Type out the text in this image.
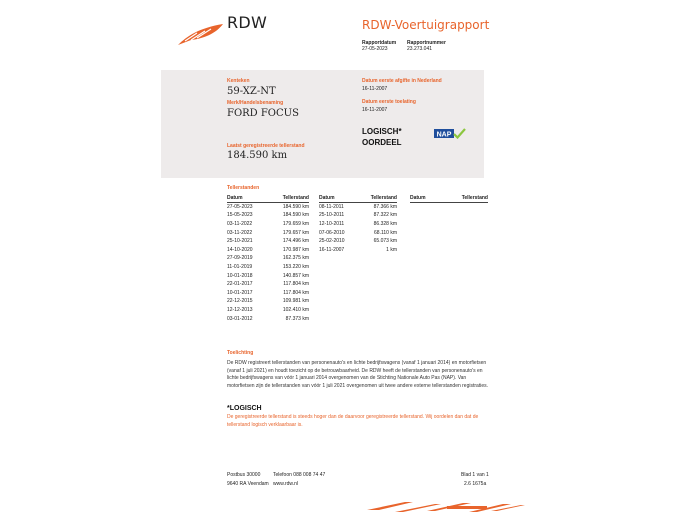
RDW	RDW-Voertuigrapport
Rapportdatum
27-05-2023
Rapportnummer
23.273.041
Kenteken
59-XZ-NT
Merk/Handelsbenaming
FORD FOCUS
Laatst geregistreerde tellerstand
184.590 km
Datum eerste afgifte in Nederland
16-11-2007
Datum eerste toelating
16-11-2007
LOGISCH*
OORDEEL
NAP
Tellerstanden
Datum	Tellerstand
27-05-2023	184.590 km
15-05-2023	184.590 km
03-11-2022	179.659 km
03-11-2022	179.657 km
25-10-2021	174.496 km
14-10-2020	170.987 km
27-09-2019	162.375 km
11-01-2019	153.220 km
10-01-2018	140.857 km
22-01-2017	117.804 km
10-01-2017	117.804 km
22-12-2015	109.981 km
12-12-2013	102.410 km
03-01-2012	87.373 km
Datum	Tellerstand
08-11-2011	87.366 km
25-10-2011	87.322 km
12-10-2011	86.328 km
07-06-2010	68.110 km
25-02-2010	65.073 km
16-11-2007	1 km
Datum	Tellerstand
Toelichting
De RDW registreert tellerstanden van personenauto's en lichte bedrijfswagens (vanaf 1 januari 2014) en motorfietsen (vanaf 1 juli 2021) en houdt toezicht op de betrouwbaarheid. De RDW heeft de tellerstanden van personenauto's en lichte bedrijfswagens van vóór 1 januari 2014 overgenomen van de Stichting Nationale Auto Pas (NAP). Van motorfietsen zijn de tellerstanden van vóór 1 juli 2021 overgenomen uit twee andere externe tellerstanden registraties.
*LOGISCH
De geregistreerde tellerstand is steeds hoger dan de daarvoor geregistreerde tellerstand. Wij oordelen dan dat de tellerstand logisch verklaarbaar is.
Postbus 30000
9640 RA Veendam
Telefoon 088 008 74 47
www.rdw.nl
Blad 1 van 1
2.6 1675a
